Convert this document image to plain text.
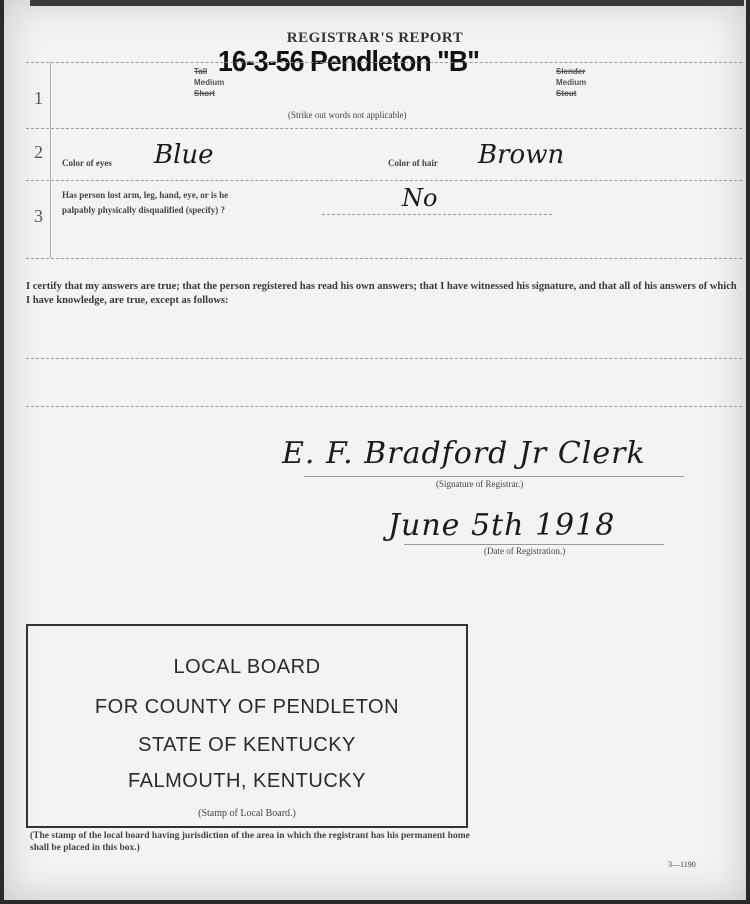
REGISTRAR'S REPORT
Tall
Medium
Short
16-3-56 Pendleton "B"	Slender
Medium
Stout
(Strike out words not applicable)
1
2
3
Color of eyes Blue	Color of hair Brown
Has person lost arm, leg, hand, eye, or is he
palpably physically disqualified (specify) ?	No
I certify that my answers are true; that the person registered has read his own answers; that I have witnessed his signature, and that all of his answers of which I have knowledge, are true, except as follows:
E. F. Bradford Jr Clerk
(Signature of Registrar.)
June 5th 1918
(Date of Registration.)
LOCAL BOARD
FOR COUNTY OF PENDLETON
STATE OF KENTUCKY
FALMOUTH, KENTUCKY
(Stamp of Local Board.)
(The stamp of the local board having jurisdiction of the area in which the registrant has his permanent home shall be placed in this box.)
3—1190
